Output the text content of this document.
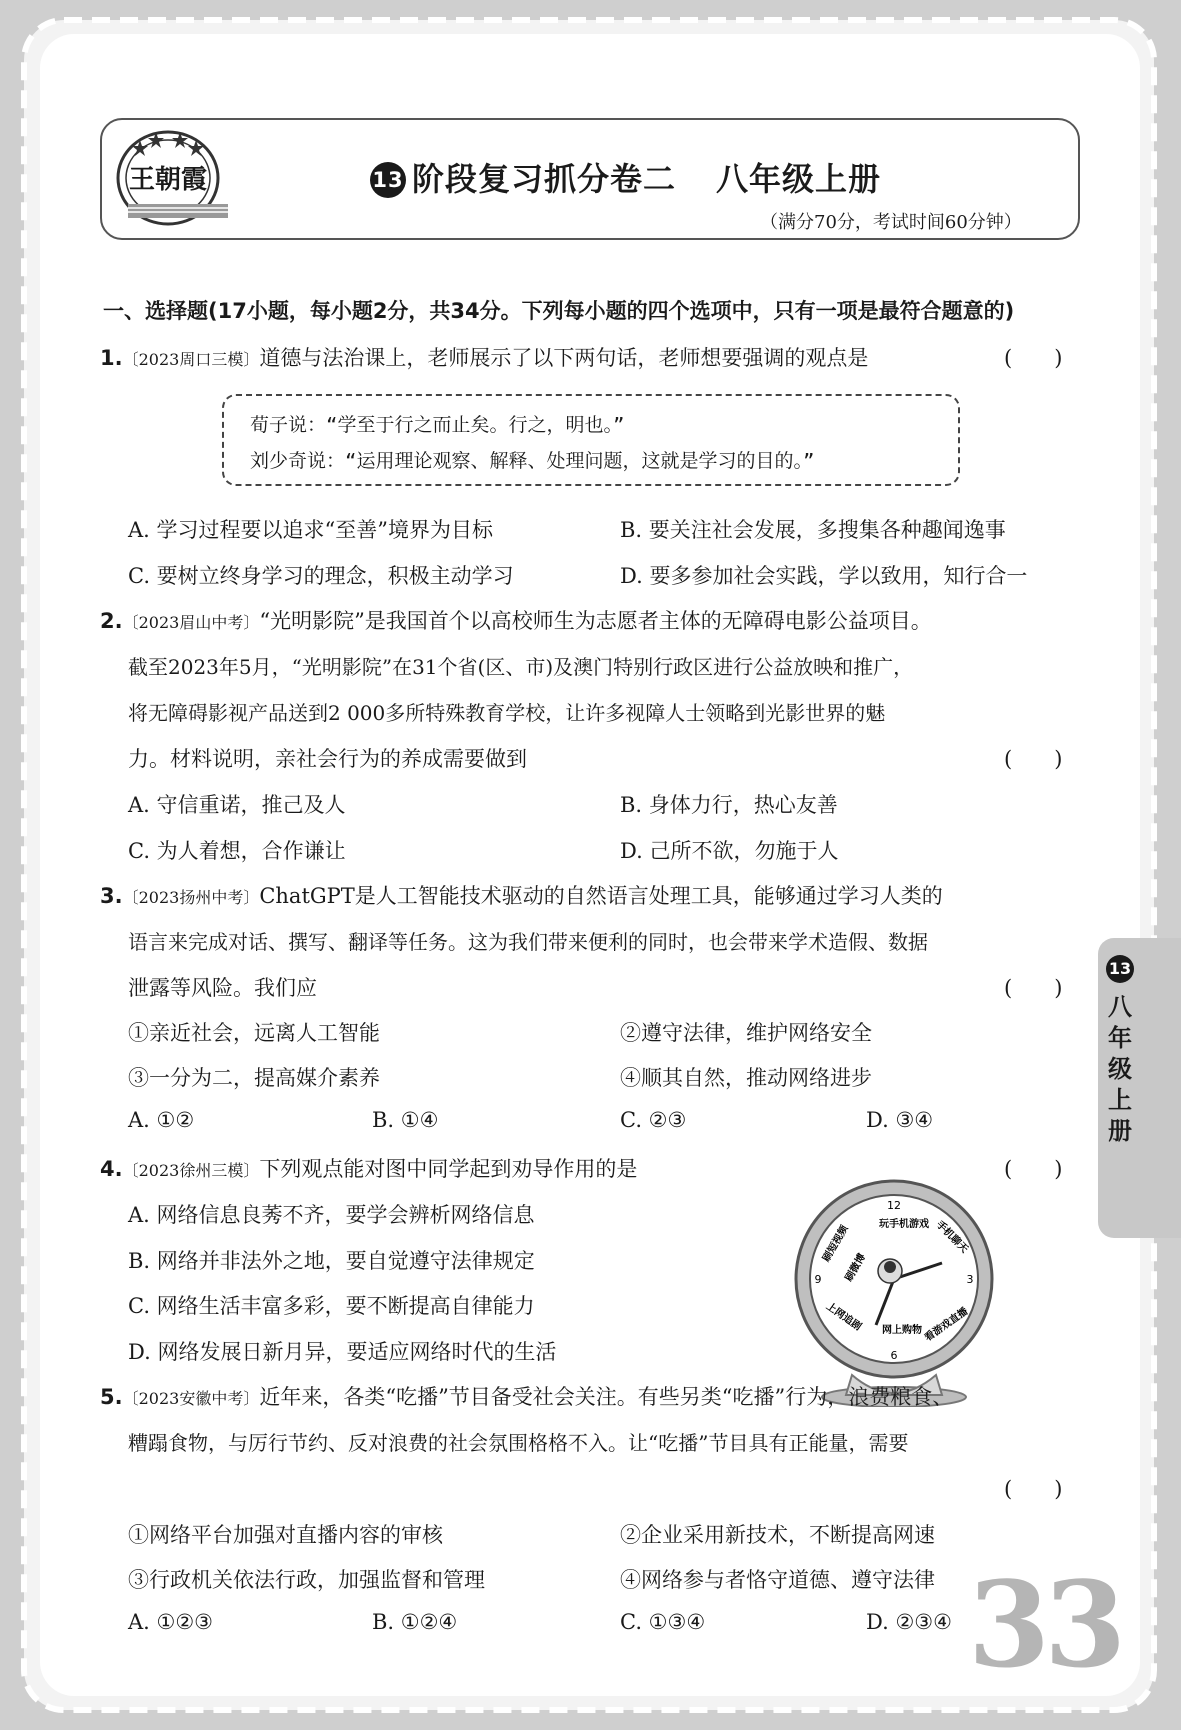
王朝霞	13 阶段复习抓分卷二 八年级上册
（满分70分，考试时间60分钟）
一、选择题(17小题，每小题2分，共34分。下列每小题的四个选项中，只有一项是最符合题意的)
1.〔2023周口三模〕道德与法治课上，老师展示了以下两句话，老师想要强调的观点是	(　　)
荀子说：“学至于行之而止矣。行之，明也。”
刘少奇说：“运用理论观察、解释、处理问题，这就是学习的目的。”
A. 学习过程要以追求“至善”境界为目标	B. 要关注社会发展，多搜集各种趣闻逸事
C. 要树立终身学习的理念，积极主动学习	D. 要多参加社会实践，学以致用，知行合一
2.〔2023眉山中考〕“光明影院”是我国首个以高校师生为志愿者主体的无障碍电影公益项目。
截至2023年5月，“光明影院”在31个省(区、市)及澳门特别行政区进行公益放映和推广，
将无障碍影视产品送到2 000多所特殊教育学校，让许多视障人士领略到光影世界的魅
力。材料说明，亲社会行为的养成需要做到	(　　)
A. 守信重诺，推己及人	B. 身体力行，热心友善
C. 为人着想，合作谦让	D. 己所不欲，勿施于人
3.〔2023扬州中考〕ChatGPT是人工智能技术驱动的自然语言处理工具，能够通过学习人类的
语言来完成对话、撰写、翻译等任务。这为我们带来便利的同时，也会带来学术造假、数据
泄露等风险。我们应	(　　)
①亲近社会，远离人工智能	②遵守法律，维护网络安全
③一分为二，提高媒介素养	④顺其自然，推动网络进步
A. ①②	B. ①④	C. ②③	D. ③④
4.〔2023徐州三模〕下列观点能对图中同学起到劝导作用的是	(　　)
A. 网络信息良莠不齐，要学会辨析网络信息
B. 网络并非法外之地，要自觉遵守法律规定
C. 网络生活丰富多彩，要不断提高自律能力
D. 网络发展日新月异，要适应网络时代的生活
12
3
6
9
玩手机游戏 手机聊天
看游戏直播
网上购物
上网追剧
刷短视频
刷微博
5.〔2023安徽中考〕近年来，各类“吃播”节目备受社会关注。有些另类“吃播”行为，浪费粮食、
糟蹋食物，与厉行节约、反对浪费的社会氛围格格不入。让“吃播”节目具有正能量，需要
(　　)
①网络平台加强对直播内容的审核	②企业采用新技术，不断提高网速
③行政机关依法行政，加强监督和管理	④网络参与者恪守道德、遵守法律
A. ①②③	B. ①②④	C. ①③④	D. ②③④
13
八年级上册
33
